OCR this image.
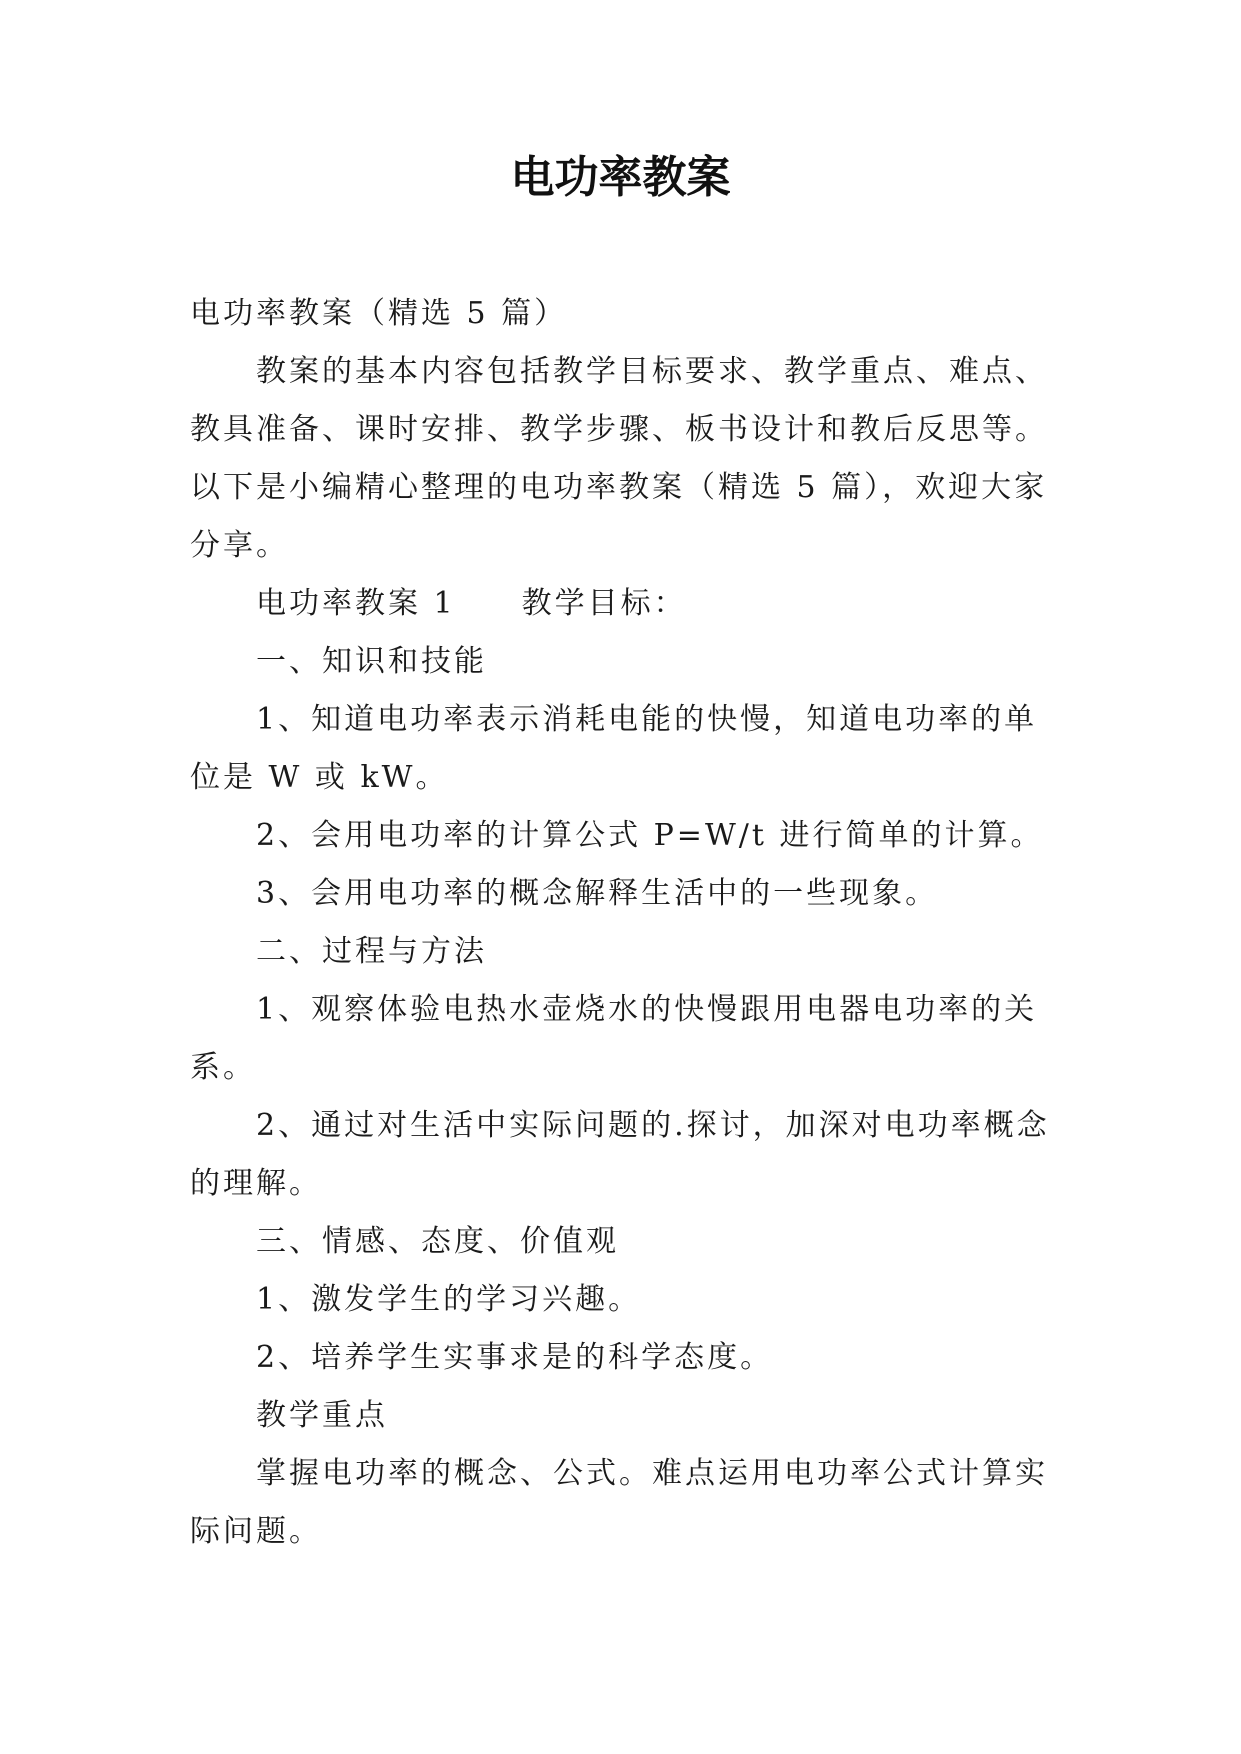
电功率教案

电功率教案（精选 5 篇）

教案的基本内容包括教学目标要求、教学重点、难点、教具准备、课时安排、教学步骤、板书设计和教后反思等。以下是小编精心整理的电功率教案（精选 5 篇），欢迎大家分享。

电功率教案 1 教学目标：

一、知识和技能

1、知道电功率表示消耗电能的快慢，知道电功率的单位是 W 或 kW。

2、会用电功率的计算公式 P=W/t 进行简单的计算。

3、会用电功率的概念解释生活中的一些现象。

二、过程与方法

1、观察体验电热水壶烧水的快慢跟用电器电功率的关系。

2、通过对生活中实际问题的.探讨，加深对电功率概念的理解。

三、情感、态度、价值观

1、激发学生的学习兴趣。

2、培养学生实事求是的科学态度。

教学重点

掌握电功率的概念、公式。难点运用电功率公式计算实际问题。
